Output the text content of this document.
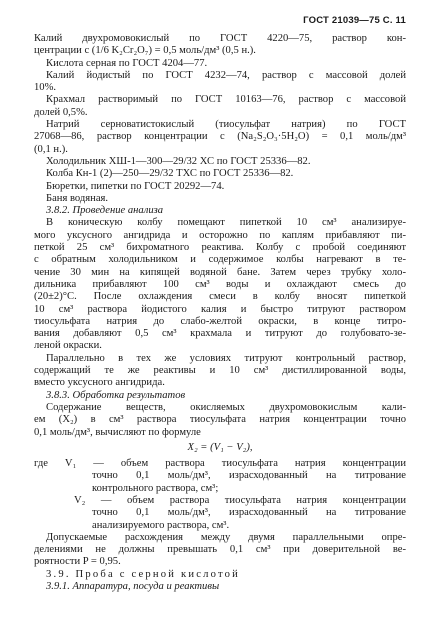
ГОСТ 21039—75 С. 11
Калий двухромовокислый по ГОСТ 4220—75, раствор кон-
центрации с (1/6 K₂Cr₂O₇) = 0,5 моль/дм³ (0,5 н.).
Кислота серная по ГОСТ 4204—77.
Калий йодистый по ГОСТ 4232—74, раствор с массовой долей
10%.
Крахмал растворимый по ГОСТ 10163—76, раствор с массовой
долей 0,5%.
Натрий серноватистокислый (тиосульфат натрия) по ГОСТ
27068—86, раствор концентрации с (Na₂S₂O₃·5H₂O) = 0,1 моль/дм³
(0,1 н.).
Холодильник ХШ-1—300—29/32 ХС по ГОСТ 25336—82.
Колба Кн-1 (2)—250—29/32 ТХС по ГОСТ 25336—82.
Бюретки, пипетки по ГОСТ 20292—74.
Баня водяная.
3.8.2. Проведение анализа
В коническую колбу помещают пипеткой 10 см³ анализируе-
мого уксусного ангидрида и осторожно по каплям прибавляют пи-
петкой 25 см³ бихроматного реактива. Колбу с пробой соединяют
с обратным холодильником и содержимое колбы нагревают в те-
чение 30 мин на кипящей водяной бане. Затем через трубку холо-
дильника прибавляют 100 см³ воды и охлаждают смесь до
(20±2)°С. После охлаждения смеси в колбу вносят пипеткой
10 см³ раствора йодистого калия и быстро титруют раствором
тиосульфата натрия до слабо-желтой окраски, в конце титро-
вания добавляют 0,5 см³ крахмала и титруют до голубовато-зе-
леной окраски.
Параллельно в тех же условиях титруют контрольный раствор,
содержащий те же реактивы и 10 см³ дистиллированной воды,
вместо уксусного ангидрида.
3.8.3. Обработка результатов
Содержание веществ, окисляемых двухромовокислым кали-
ем (X₂) в см³ раствора тиосульфата натрия концентрации точно
0,1 моль/дм³, вычисляют по формуле
X₂ = (V₁ − V₂),
где V₁ — объем раствора тиосульфата натрия концентрации
точно 0,1 моль/дм³, израсходованный на титрование
контрольного раствора, см³;
V₂ — объем раствора тиосульфата натрия концентрации
точно 0,1 моль/дм³, израсходованный на титрование
анализируемого раствора, см³.
Допускаемые расхождения между двумя параллельными опре-
делениями не должны превышать 0,1 см³ при доверительной ве-
роятности P = 0,95.
3.9. Проба с серной кислотой
3.9.1. Аппаратура, посуда и реактивы
